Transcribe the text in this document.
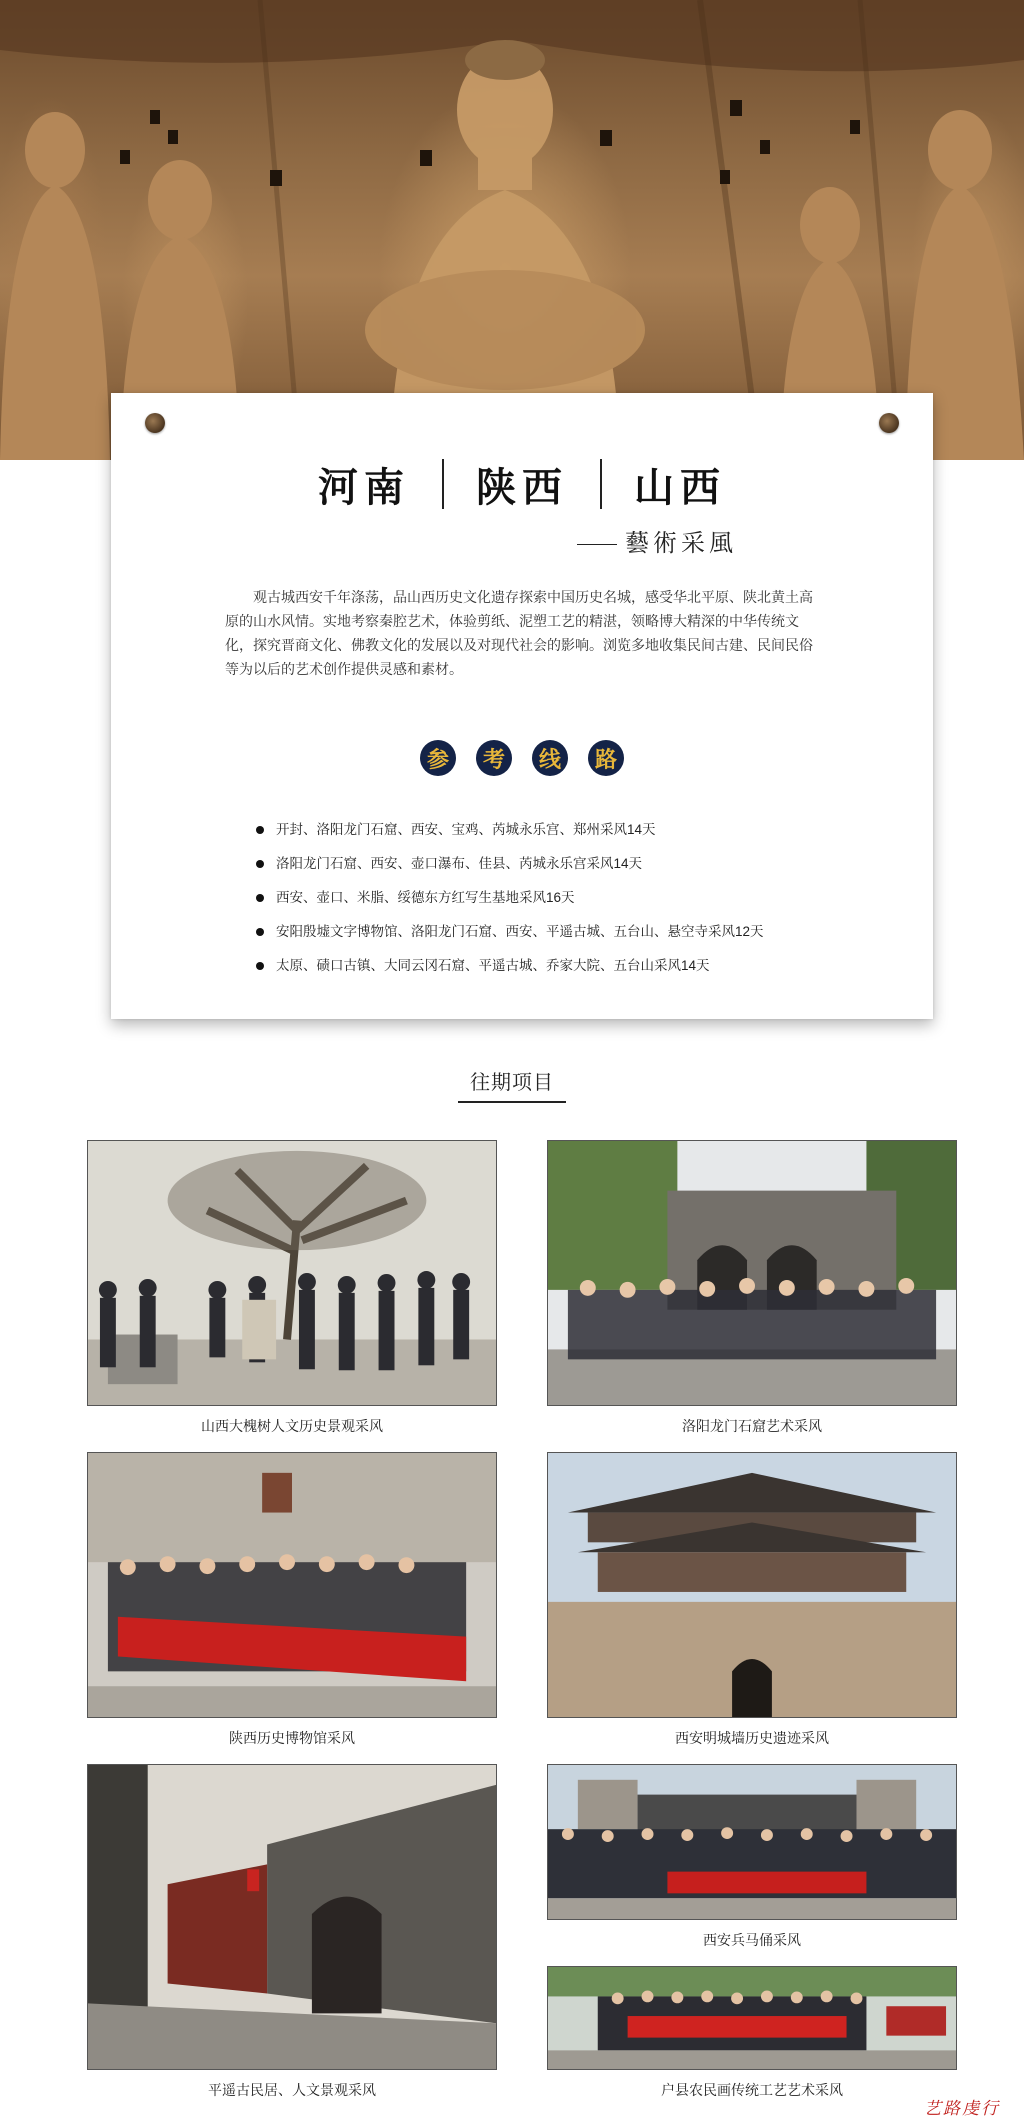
河南	陕西	山西
藝術采風

观古城西安千年涤荡，品山西历史文化遗存探索中国历史名城，感受华北平原、陕北黄土高原的山水风情。实地考察秦腔艺术，体验剪纸、泥塑工艺的精湛，领略博大精深的中华传统文化，探究晋商文化、佛教文化的发展以及对现代社会的影响。浏览多地收集民间古建、民间民俗等为以后的艺术创作提供灵感和素材。

参	考	线	路
开封、洛阳龙门石窟、西安、宝鸡、芮城永乐宫、郑州采风14天
洛阳龙门石窟、西安、壶口瀑布、佳县、芮城永乐宫采风14天
西安、壶口、米脂、绥德东方红写生基地采风16天
安阳殷墟文字博物馆、洛阳龙门石窟、西安、平遥古城、五台山、悬空寺采风12天
太原、碛口古镇、大同云冈石窟、平遥古城、乔家大院、五台山采风14天
往期项目
山西大槐树人文历史景观采风	洛阳龙门石窟艺术采风
陕西历史博物馆采风	西安明城墙历史遗迹采风
平遥古民居、人文景观采风
西安兵马俑采风
户县农民画传统工艺艺术采风
艺路虔行
